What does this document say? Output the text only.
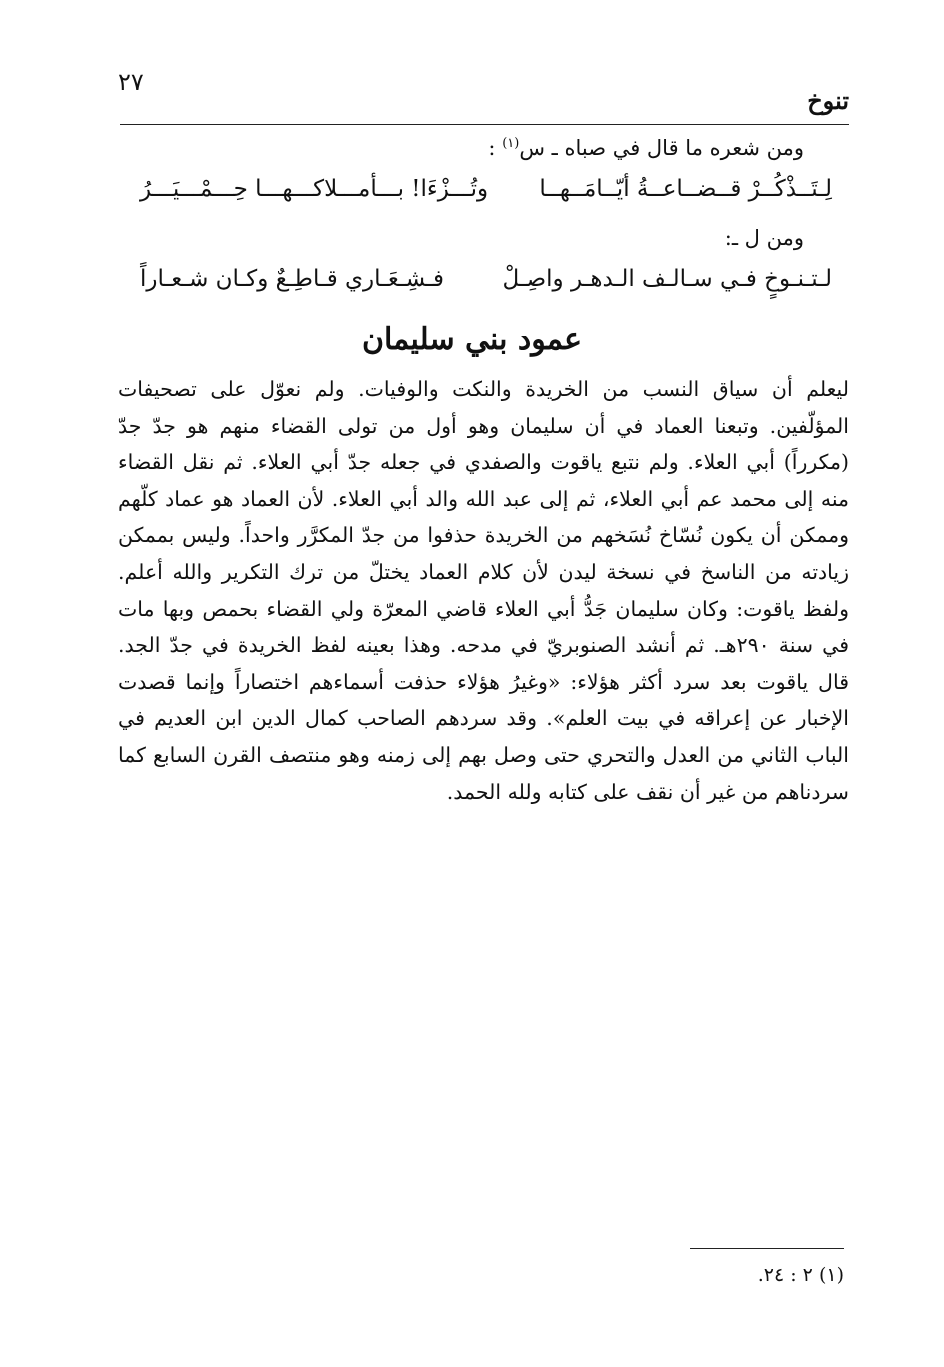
٢٧
تنوخ
ومن شعره ما قال في صباه ـ س$^{(١)}$ :
لِـتَــذْكُــرْ قــضــاعــةُ أيّــامَــهــا
وتُـــزْءَا! بـــأمـــلاكـــهـــا حِـــمْـــيَـــرُ
ومن ل ـ:
لـتـنـوخٍ فـي سـالـف الـدهـر واصِـلْ
فـشِـعَـاري قـاطِـعٌ وكـان شـعـاراً
عمود بني سليمان

ليعلم أن سياق النسب من الخريدة والنكت والوفيات. ولم نعوّل على تصحيفات المؤلّفين. وتبعنا العماد في أن سليمان وهو أول من تولى القضاء منهم هو جدّ جدّ (مكرراً) أبي العلاء. ولم نتبع ياقوت والصفدي في جعله جدّ أبي العلاء. ثم نقل القضاء منه إلى محمد عم أبي العلاء، ثم إلى عبد الله والد أبي العلاء. لأن العماد هو عماد كلّهم وممكن أن يكون نُسّاخ نُسَخهم من الخريدة حذفوا من جدّ المكرَّر واحداً. وليس بممكن زيادته من الناسخ في نسخة ليدن لأن كلام العماد يختلّ من ترك التكرير والله أعلم. ولفظ ياقوت: وكان سليمان جَدُّ أبي العلاء قاضي المعرّة ولي القضاء بحمص وبها مات في سنة ٢٩٠هـ. ثم أنشد الصنوبريّ في مدحه. وهذا بعينه لفظ الخريدة في جدّ الجد. قال ياقوت بعد سرد أكثر هؤلاء: «وغيرُ هؤلاء حذفت أسماءهم اختصاراً وإنما قصدت الإخبار عن إعراقه في بيت العلم». وقد سردهم الصاحب كمال الدين ابن العديم في الباب الثاني من العدل والتحري حتى وصل بهم إلى زمنه وهو منتصف القرن السابع كما سردناهم من غير أن نقف على كتابه ولله الحمد.

(١) ٢ : ٢٤.
